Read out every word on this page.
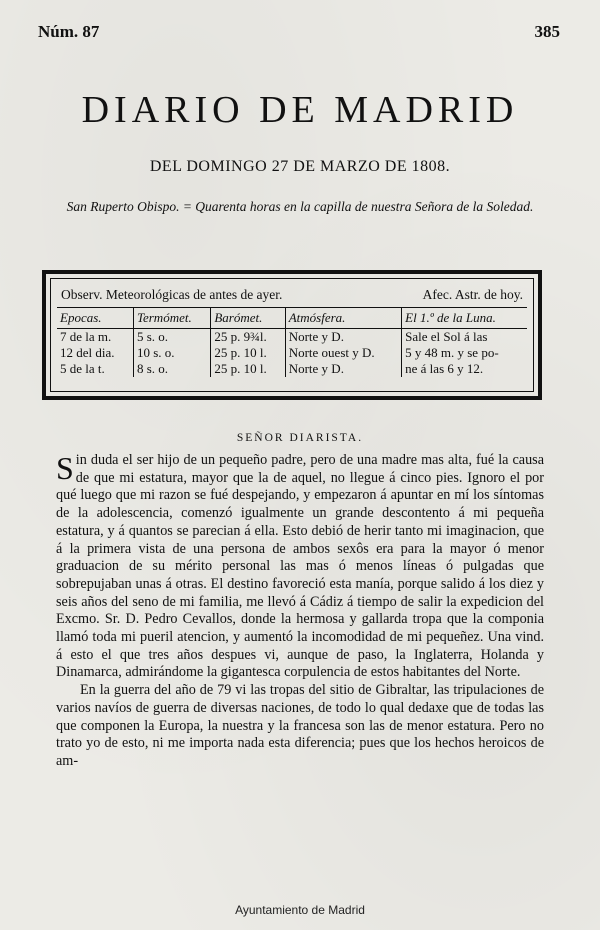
Núm. 87	385
DIARIO DE MADRID
DEL DOMINGO 27 DE MARZO DE 1808.
San Ruperto Obispo. = Quarenta horas en la capilla de nuestra Señora de la Soledad.
Observ. Meteorológicas de antes de ayer.	Afec. Astr. de hoy.
Epocas.	Termómet.	Barómet.	Atmósfera.	El 1.º de la Luna.
7 de la m.	5 s. o.	25 p. 9¾l.	Norte y D.	Sale el Sol á las
12 del dia.	10 s. o.	25 p. 10 l.	Norte ouest y D.	5 y 48 m. y se po-
5 de la t.	8 s. o.	25 p. 10 l.	Norte y D.	ne á las 6 y 12.
SEÑOR DIARISTA.

Sin duda el ser hijo de un pequeño padre, pero de una madre mas alta, fué la causa de que mi estatura, mayor que la de aquel, no llegue á cinco pies. Ignoro el por qué luego que mi razon se fué despejando, y empezaron á apuntar en mí los síntomas de la adolescencia, comenzó igualmente un grande descontento á mi pequeña estatura, y á quantos se parecian á ella. Esto debió de herir tanto mi imaginacion, que á la primera vista de una persona de ambos sexôs era para la mayor ó menor graduacion de su mérito personal las mas ó menos líneas ó pulgadas que sobrepujaban unas á otras. El destino favoreció esta manía, porque salido á los diez y seis años del seno de mi familia, me llevó á Cádiz á tiempo de salir la expedicion del Excmo. Sr. D. Pedro Cevallos, donde la hermosa y gallarda tropa que la componia llamó toda mi pueril atencion, y aumentó la incomodidad de mi pequeñez. Una vind. á esto el que tres años despues vi, aunque de paso, la Inglaterra, Holanda y Dinamarca, admirándome la gigantesca corpulencia de estos habitantes del Norte.

En la guerra del año de 79 vi las tropas del sitio de Gibraltar, las tripulaciones de varios navíos de guerra de diversas naciones, de todo lo qual dedaxe que de todas las que componen la Europa, la nuestra y la francesa son las de menor estatura. Pero no trato yo de esto, ni me importa nada esta diferencia; pues que los hechos heroicos de am-

Ayuntamiento de Madrid
